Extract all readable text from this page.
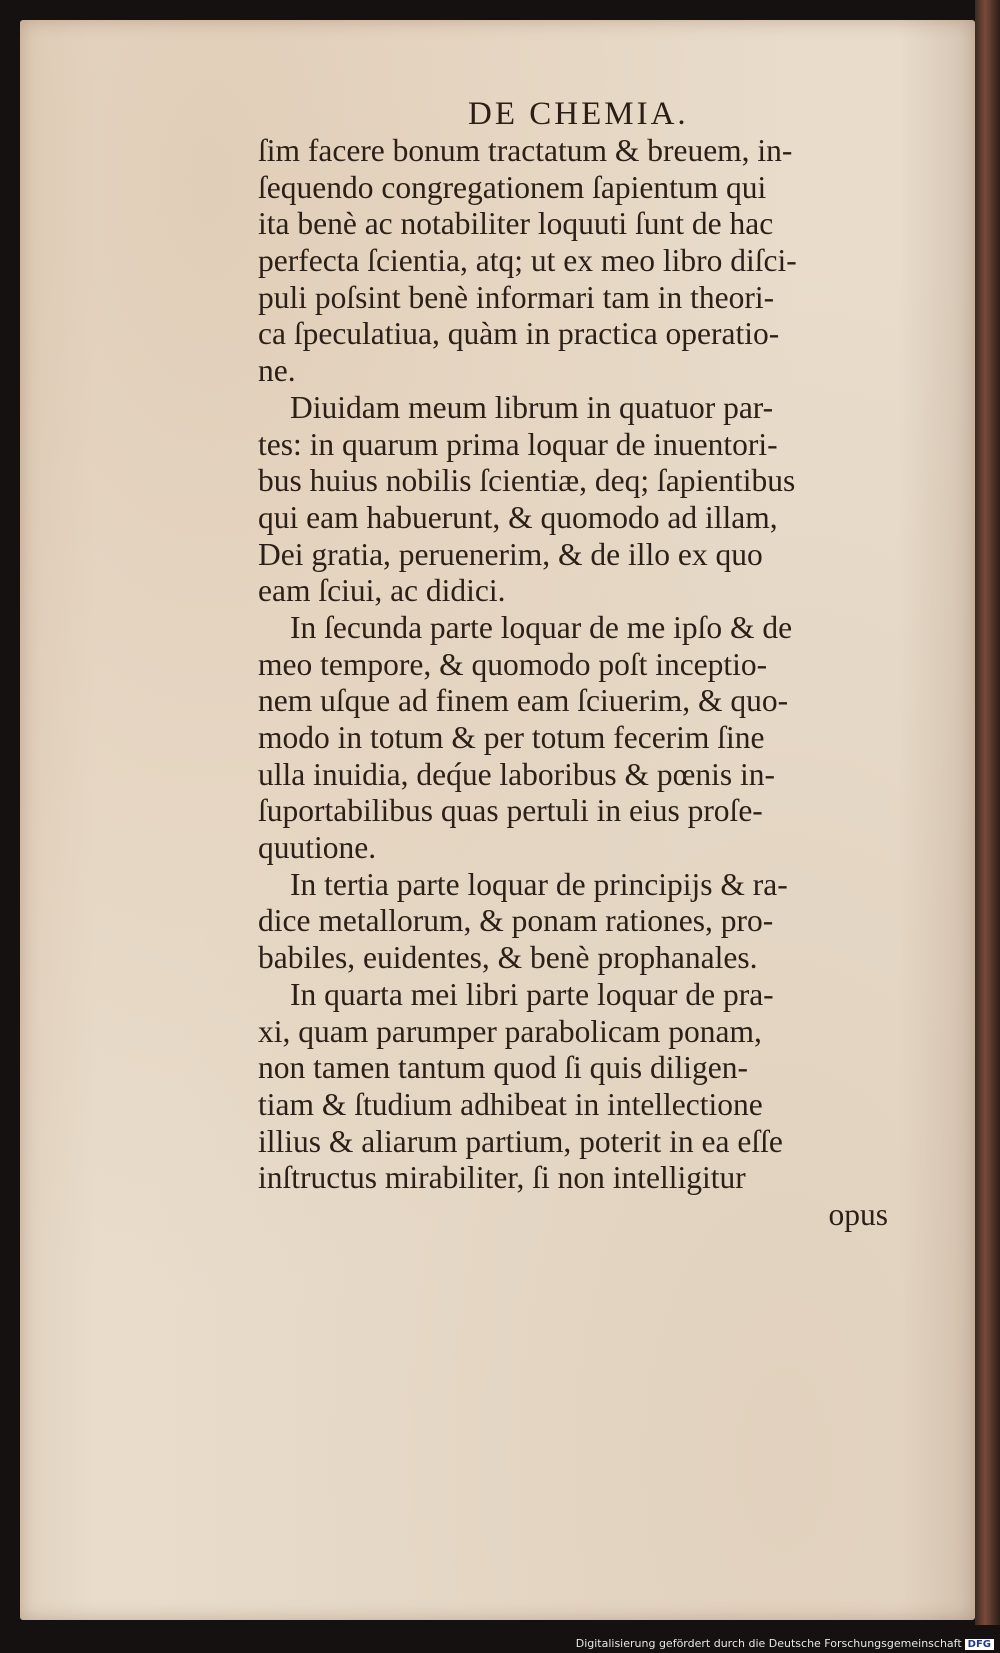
DE CHEMIA.
ſim facere bonum tractatum & breuem, in-
ſequendo congregationem ſapientum qui
ita benè ac notabiliter loquuti ſunt de hac
perfecta ſcientia, atq; ut ex meo libro diſci-
puli poſsint benè informari tam in theori-
ca ſpeculatiua, quàm in practica operatio-
ne.
Diuidam meum librum in quatuor par-
tes: in quarum prima loquar de inuentori-
bus huius nobilis ſcientiæ, deq; ſapientibus
qui eam habuerunt, & quomodo ad illam,
Dei gratia, peruenerim, & de illo ex quo
eam ſciui, ac didici.
In ſecunda parte loquar de me ipſo & de
meo tempore, & quomodo poſt inceptio-
nem uſque ad finem eam ſciuerim, & quo-
modo in totum & per totum fecerim ſine
ulla inuidia, deq́ue laboribus & pœnis in-
ſuportabilibus quas pertuli in eius proſe-
quutione.
In tertia parte loquar de principijs & ra-
dice metallorum, & ponam rationes, pro-
babiles, euidentes, & benè prophanales.
In quarta mei libri parte loquar de pra-
xi, quam parumper parabolicam ponam,
non tamen tantum quod ſi quis diligen-
tiam & ſtudium adhibeat in intellectione
illius & aliarum partium, poterit in ea eſſe
inſtructus mirabiliter, ſi non intelligitur
opus
Digitalisierung gefördert durch die Deutsche Forschungsgemeinschaft DFG
